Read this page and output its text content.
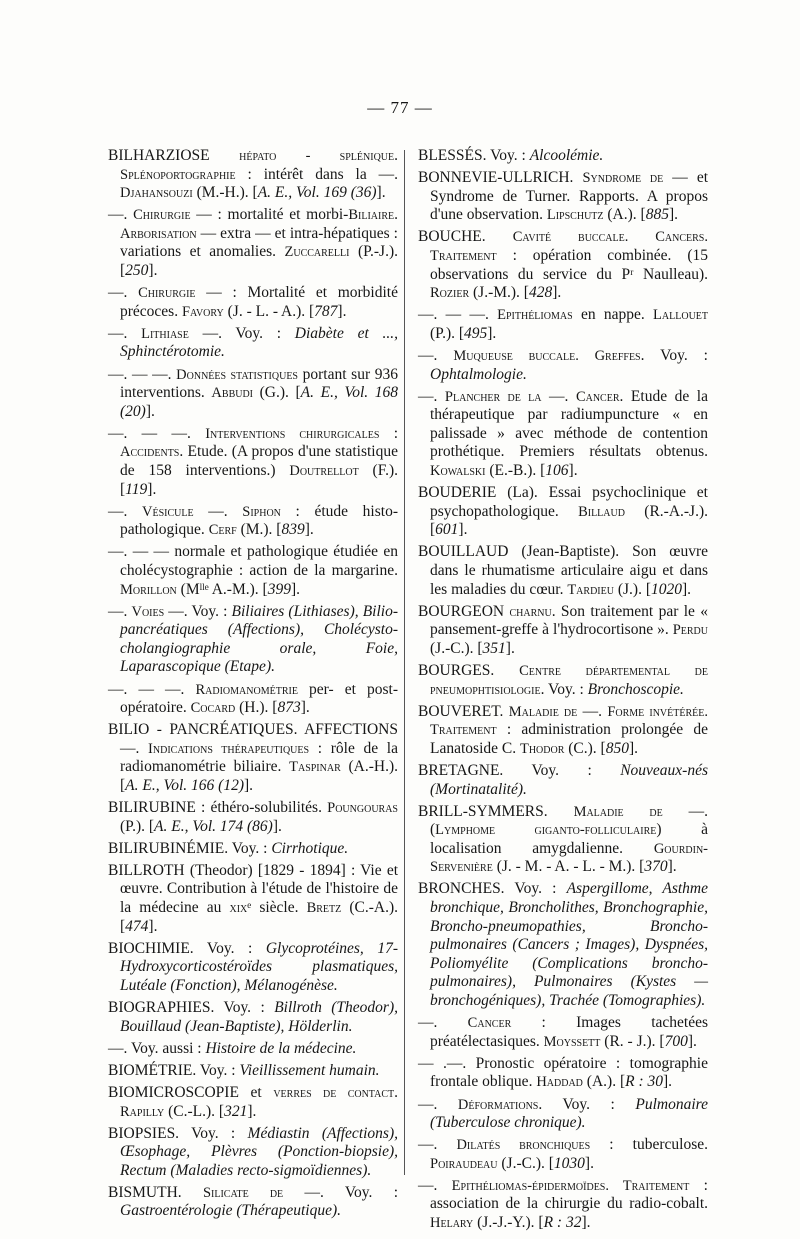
— 77 —

BILHARZIOSE hépato - splénique. Splénoportographie : intérêt dans la —. Djahansouzi (M.-H.). [A. E., Vol. 169 (36)].

—. Chirurgie — : mortalité et morbi-Biliaire. Arborisation — extra — et intra-hépatiques : variations et anomalies. Zuccarelli (P.-J.). [250].

—. Chirurgie — : Mortalité et morbidité précoces. Favory (J. - L. - A.). [787].

—. Lithiase —. Voy. : Diabète et ..., Sphinctérotomie.

—. — —. Données statistiques portant sur 936 interventions. Abbudi (G.). [A. E., Vol. 168 (20)].

—. — —. Interventions chirurgicales : Accidents. Etude. (A propos d'une statistique de 158 interventions.) Doutrellot (F.). [119].

—. Vésicule —. Siphon : étude histo-pathologique. Cerf (M.). [839].

—. — — normale et pathologique étudiée en cholécystographie : action de la margarine. Morillon (Mˡˡᵉ A.-M.). [399].

—. Voies —. Voy. : Biliaires (Lithiases), Bilio-pancréatiques (Affections), Cholécysto-cholangiographie orale, Foie, Laparascopique (Etape).

—. — —. Radiomanométrie per- et post-opératoire. Cocard (H.). [873].

BILIO - PANCRÉATIQUES. AFFECTIONS —. Indications thérapeutiques : rôle de la radiomanométrie biliaire. Taspinar (A.-H.). [A. E., Vol. 166 (12)].

BILIRUBINE : éthéro-solubilités. Poungouras (P.). [A. E., Vol. 174 (86)].

BILIRUBINÉMIE. Voy. : Cirrhotique.

BILLROTH (Theodor) [1829 - 1894] : Vie et œuvre. Contribution à l'étude de l'histoire de la médecine au xixᵉ siècle. Bretz (C.-A.). [474].

BIOCHIMIE. Voy. : Glycoprotéines, 17-Hydroxycorticostéroïdes plasmatiques, Lutéale (Fonction), Mélanogénèse.

BIOGRAPHIES. Voy. : Billroth (Theodor), Bouillaud (Jean-Baptiste), Hölderlin.

—. Voy. aussi : Histoire de la médecine.

BIOMÉTRIE. Voy. : Vieillissement humain.

BIOMICROSCOPIE et verres de contact. Rapilly (C.-L.). [321].

BIOPSIES. Voy. : Médiastin (Affections), Œsophage, Plèvres (Ponction-biopsie), Rectum (Maladies recto-sigmoïdiennes).

BISMUTH. Silicate de —. Voy. : Gastroentérologie (Thérapeutique).

BLESSÉS. Voy. : Alcoolémie.

BONNEVIE-ULLRICH. Syndrome de — et Syndrome de Turner. Rapports. A propos d'une observation. Lipschutz (A.). [885].

BOUCHE. Cavité buccale. Cancers. Traitement : opération combinée. (15 observations du service du Pʳ Naulleau). Rozier (J.-M.). [428].

—. — —. Epithéliomas en nappe. Lallouet (P.). [495].

—. Muqueuse buccale. Greffes. Voy. : Ophtalmologie.

—. Plancher de la —. Cancer. Etude de la thérapeutique par radiumpuncture « en palissade » avec méthode de contention prothétique. Premiers résultats obtenus. Kowalski (E.-B.). [106].

BOUDERIE (La). Essai psychoclinique et psychopathologique. Billaud (R.-A.-J.). [601].

BOUILLAUD (Jean-Baptiste). Son œuvre dans le rhumatisme articulaire aigu et dans les maladies du cœur. Tardieu (J.). [1020].

BOURGEON charnu. Son traitement par le « pansement-greffe à l'hydrocortisone ». Perdu (J.-C.). [351].

BOURGES. Centre départemental de pneumophtisiologie. Voy. : Bronchoscopie.

BOUVERET. Maladie de —. Forme invétérée. Traitement : administration prolongée de Lanatoside C. Thodor (C.). [850].

BRETAGNE. Voy. : Nouveaux-nés (Mortinatalité).

BRILL-SYMMERS. Maladie de —. (Lymphome giganto-folliculaire) à localisation amygdalienne. Gourdin-Servenière (J. - M. - A. - L. - M.). [370].

BRONCHES. Voy. : Aspergillome, Asthme bronchique, Broncholithes, Bronchographie, Broncho-pneumopathies, Broncho-pulmonaires (Cancers ; Images), Dyspnées, Poliomyélite (Complications broncho-pulmonaires), Pulmonaires (Kystes — bronchogéniques), Trachée (Tomographies).

—. Cancer : Images tachetées préatélectasiques. Moyssett (R. - J.). [700].

— .—. Pronostic opératoire : tomographie frontale oblique. Haddad (A.). [R : 30].

—. Déformations. Voy. : Pulmonaire (Tuberculose chronique).

—. Dilatés bronchiques : tuberculose. Poiraudeau (J.-C.). [1030].

—. Epithéliomas-épidermoïdes. Traitement : association de la chirurgie du radio-cobalt. Helary (J.-J.-Y.). [R : 32].
